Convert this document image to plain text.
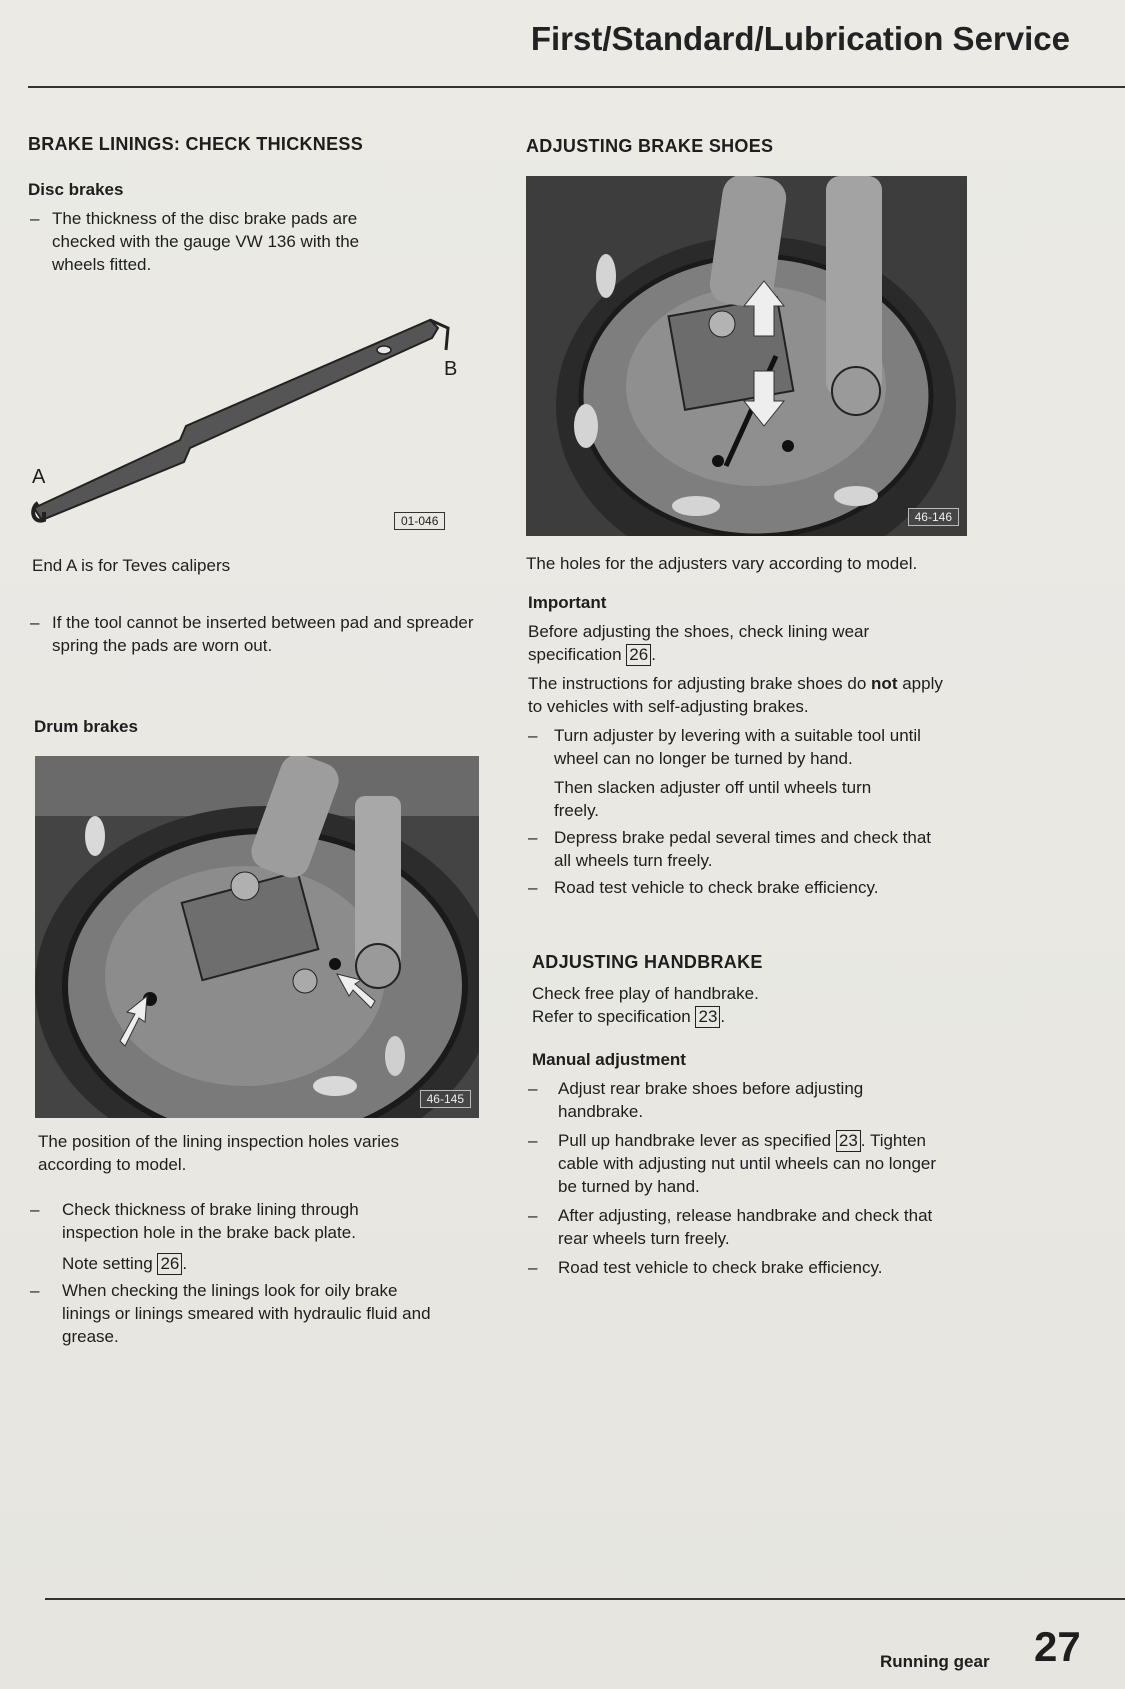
First/Standard/Lubrication Service
BRAKE LININGS: CHECK THICKNESS
Disc brakes

– The thickness of the disc brake pads are checked with the gauge VW 136 with the wheels fitted.

A
B
01-046

End A is for Teves calipers

– If the tool cannot be inserted between pad and spreader spring the pads are worn out.

Drum brakes
46-145

The position of the lining inspection holes varies according to model.

– Check thickness of brake lining through inspection hole in the brake back plate.

Note setting 26 .

– When checking the linings look for oily brake linings or linings smeared with hydraulic fluid and grease.

ADJUSTING BRAKE SHOES
46-146

The holes for the adjusters vary according to model.

Important

Before adjusting the shoes, check lining wear specification 26 .

The instructions for adjusting brake shoes do not apply to vehicles with self-adjusting brakes.

– Turn adjuster by levering with a suitable tool until wheel can no longer be turned by hand.

Then slacken adjuster off until wheels turn freely.

– Depress brake pedal several times and check that all wheels turn freely.

– Road test vehicle to check brake efficiency.

ADJUSTING HANDBRAKE

Check free play of handbrake.

Refer to specification 23 .

Manual adjustment

– Adjust rear brake shoes before adjusting handbrake.

– Pull up handbrake lever as specified 23 . Tighten cable with adjusting nut until wheels can no longer be turned by hand.

– After adjusting, release handbrake and check that rear wheels turn freely.

– Road test vehicle to check brake efficiency.

Running gear 27
